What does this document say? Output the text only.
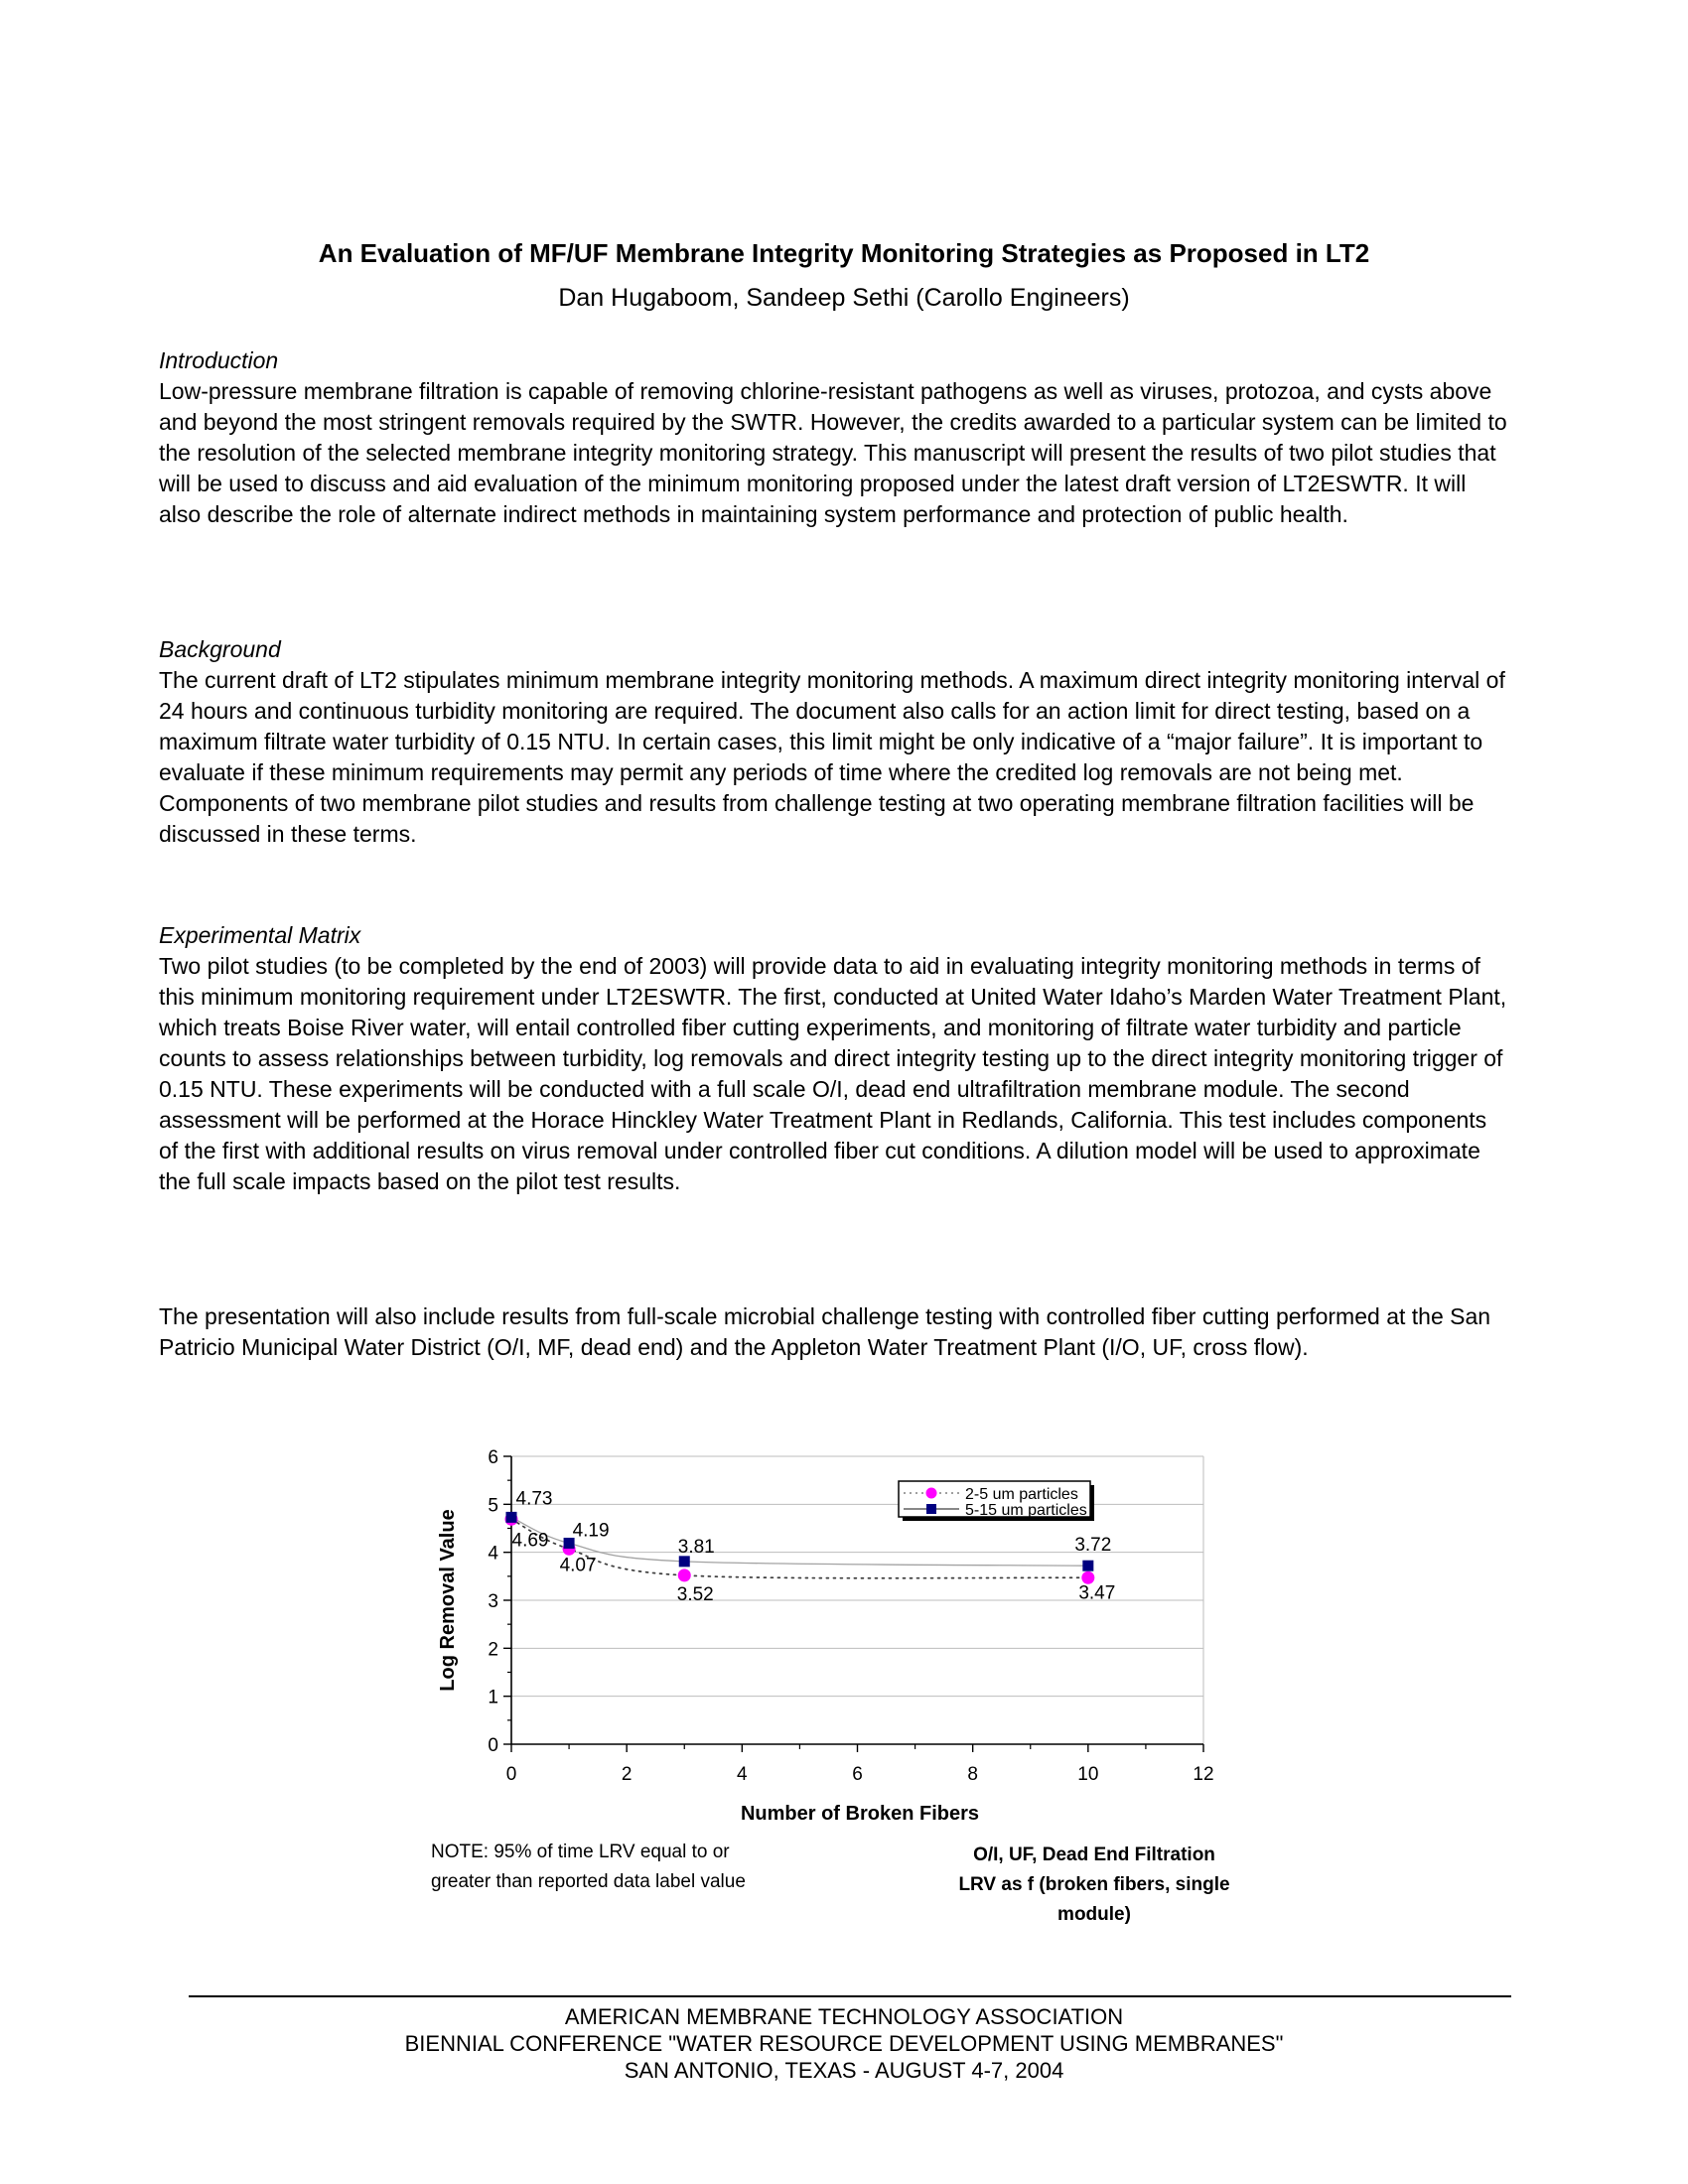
An Evaluation of MF/UF Membrane Integrity Monitoring Strategies as Proposed in LT2
Dan Hugaboom, Sandeep Sethi (Carollo Engineers)
Introduction

Low-pressure membrane filtration is capable of removing chlorine-resistant pathogens as well as viruses, protozoa, and cysts above and beyond the most stringent removals required by the SWTR. However, the credits awarded to a particular system can be limited to the resolution of the selected membrane integrity monitoring strategy. This manuscript will present the results of two pilot studies that will be used to discuss and aid evaluation of the minimum monitoring proposed under the latest draft version of LT2ESWTR. It will also describe the role of alternate indirect methods in maintaining system performance and protection of public health.

Background

The current draft of LT2 stipulates minimum membrane integrity monitoring methods. A maximum direct integrity monitoring interval of 24 hours and continuous turbidity monitoring are required. The document also calls for an action limit for direct testing, based on a maximum filtrate water turbidity of 0.15 NTU. In certain cases, this limit might be only indicative of a “major failure”. It is important to evaluate if these minimum requirements may permit any periods of time where the credited log removals are not being met. Components of two membrane pilot studies and results from challenge testing at two operating membrane filtration facilities will be discussed in these terms.

Experimental Matrix

Two pilot studies (to be completed by the end of 2003) will provide data to aid in evaluating integrity monitoring methods in terms of this minimum monitoring requirement under LT2ESWTR. The first, conducted at United Water Idaho’s Marden Water Treatment Plant, which treats Boise River water, will entail controlled fiber cutting experiments, and monitoring of filtrate water turbidity and particle counts to assess relationships between turbidity, log removals and direct integrity testing up to the direct integrity monitoring trigger of 0.15 NTU. These experiments will be conducted with a full scale O/I, dead end ultrafiltration membrane module. The second assessment will be performed at the Horace Hinckley Water Treatment Plant in Redlands, California. This test includes components of the first with additional results on virus removal under controlled fiber cut conditions. A dilution model will be used to approximate the full scale impacts based on the pilot test results.

The presentation will also include results from full-scale microbial challenge testing with controlled fiber cutting performed at the San Patricio Municipal Water District (O/I, MF, dead end) and the Appleton Water Treatment Plant (I/O, UF, cross flow).

0
1
2
3
4
5
6
0	2	4	6	8	10	12
Number of Broken Fibers
Log Removal Value	4.69
4.07
3.52	3.47
4.73
4.19
3.81	3.72
2-5 um particles
5-15 um particles
NOTE: 95% of time LRV equal to or
greater than reported data label value
O/I, UF, Dead End Filtration
LRV as f (broken fibers, single module)
AMERICAN MEMBRANE TECHNOLOGY ASSOCIATION
BIENNIAL CONFERENCE "WATER RESOURCE DEVELOPMENT USING MEMBRANES"
SAN ANTONIO, TEXAS - AUGUST 4-7, 2004
